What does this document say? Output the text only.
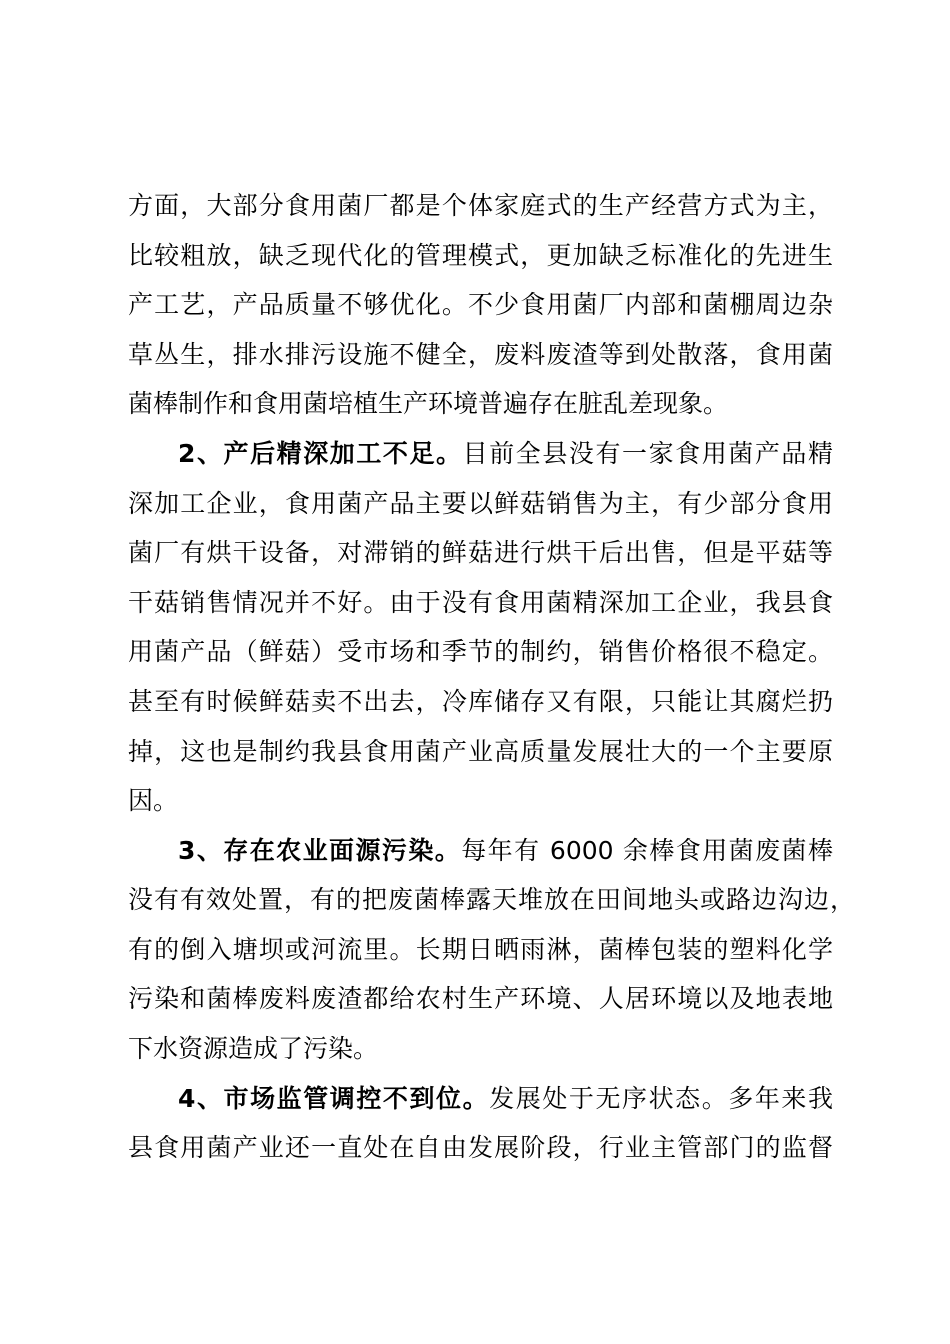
方面，大部分食用菌厂都是个体家庭式的生产经营方式为主，
比较粗放，缺乏现代化的管理模式，更加缺乏标准化的先进生
产工艺，产品质量不够优化。不少食用菌厂内部和菌棚周边杂
草丛生，排水排污设施不健全，废料废渣等到处散落，食用菌
菌棒制作和食用菌培植生产环境普遍存在脏乱差现象。
2、产后精深加工不足。目前全县没有一家食用菌产品精
深加工企业，食用菌产品主要以鲜菇销售为主，有少部分食用
菌厂有烘干设备，对滞销的鲜菇进行烘干后出售，但是平菇等
干菇销售情况并不好。由于没有食用菌精深加工企业，我县食
用菌产品（鲜菇）受市场和季节的制约，销售价格很不稳定。
甚至有时候鲜菇卖不出去，冷库储存又有限，只能让其腐烂扔
掉，这也是制约我县食用菌产业高质量发展壮大的一个主要原
因。
3、存在农业面源污染。每年有 6000 余棒食用菌废菌棒
没有有效处置，有的把废菌棒露天堆放在田间地头或路边沟边，
有的倒入塘坝或河流里。长期日晒雨淋，菌棒包装的塑料化学
污染和菌棒废料废渣都给农村生产环境、人居环境以及地表地
下水资源造成了污染。
4、市场监管调控不到位。发展处于无序状态。多年来我
县食用菌产业还一直处在自由发展阶段，行业主管部门的监督
